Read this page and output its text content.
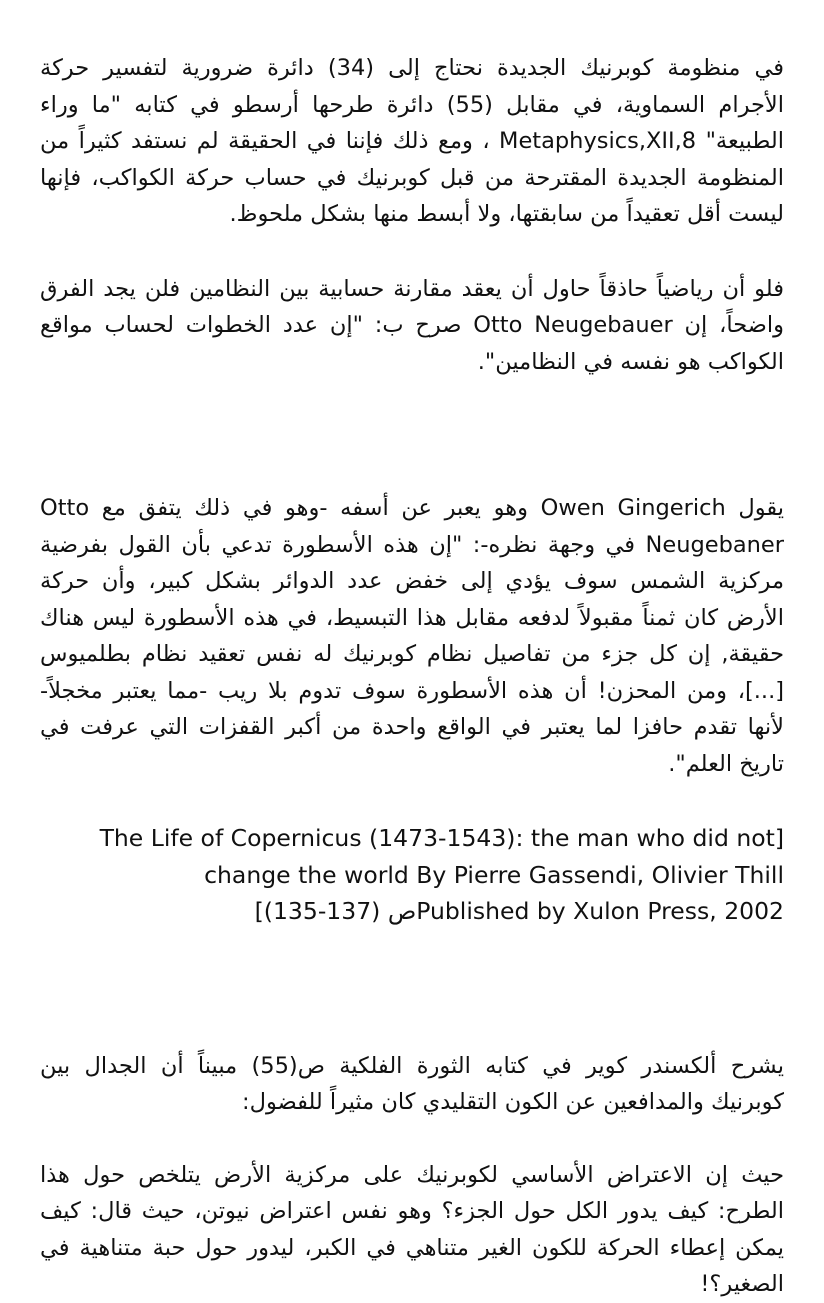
في منظومة كوبرنيك الجديدة نحتاج إلى (34) دائرة ضرورية لتفسير حركة الأجرام السماوية، في مقابل (55) دائرة طرحها أرسطو في كتابه "ما وراء الطبيعة" Metaphysics,XII,8 ، ومع ذلك فإننا في الحقيقة لم نستفد كثيراً من المنظومة الجديدة المقترحة من قبل كوبرنيك في حساب حركة الكواكب، فإنها ليست أقل تعقيداً من سابقتها، ولا أبسط منها بشكل ملحوظ.

فلو أن رياضياً حاذقاً حاول أن يعقد مقارنة حسابية بين النظامين فلن يجد الفرق واضحاً، إن Otto Neugebauer صرح ب: "إن عدد الخطوات لحساب مواقع الكواكب هو نفسه في النظامين".

يقول Owen Gingerich وهو يعبر عن أسفه -وهو في ذلك يتفق مع Otto Neugebaner في وجهة نظره-: "إن هذه الأسطورة تدعي بأن القول بفرضية مركزية الشمس سوف يؤدي إلى خفض عدد الدوائر بشكل كبير، وأن حركة الأرض كان ثمناً مقبولاً لدفعه مقابل هذا التبسيط، في هذه الأسطورة ليس هناك حقيقة, إن كل جزء من تفاصيل نظام كوبرنيك له نفس تعقيد نظام بطلميوس [...]، ومن المحزن! أن هذه الأسطورة سوف تدوم بلا ريب -مما يعتبر مخجلاً- لأنها تقدم حافزا لما يعتبر في الواقع واحدة من أكبر القفزات التي عرفت في تاريخ العلم".

The Life of Copernicus (1473-1543): the man who did not]

change the world By Pierre Gassendi, Olivier Thill

[(135-137) ص‎Published by Xulon Press, 2002

يشرح ألكسندر كوير في كتابه الثورة الفلكية ص(55) مبيناً أن الجدال بين كوبرنيك والمدافعين عن الكون التقليدي كان مثيراً للفضول:

حيث إن الاعتراض الأساسي لكوبرنيك على مركزية الأرض يتلخص حول هذا الطرح: كيف يدور الكل حول الجزء؟ وهو نفس اعتراض نيوتن، حيث قال: كيف يمكن إعطاء الحركة للكون الغير متناهي في الكبر، ليدور حول حبة متناهية في الصغير؟!
